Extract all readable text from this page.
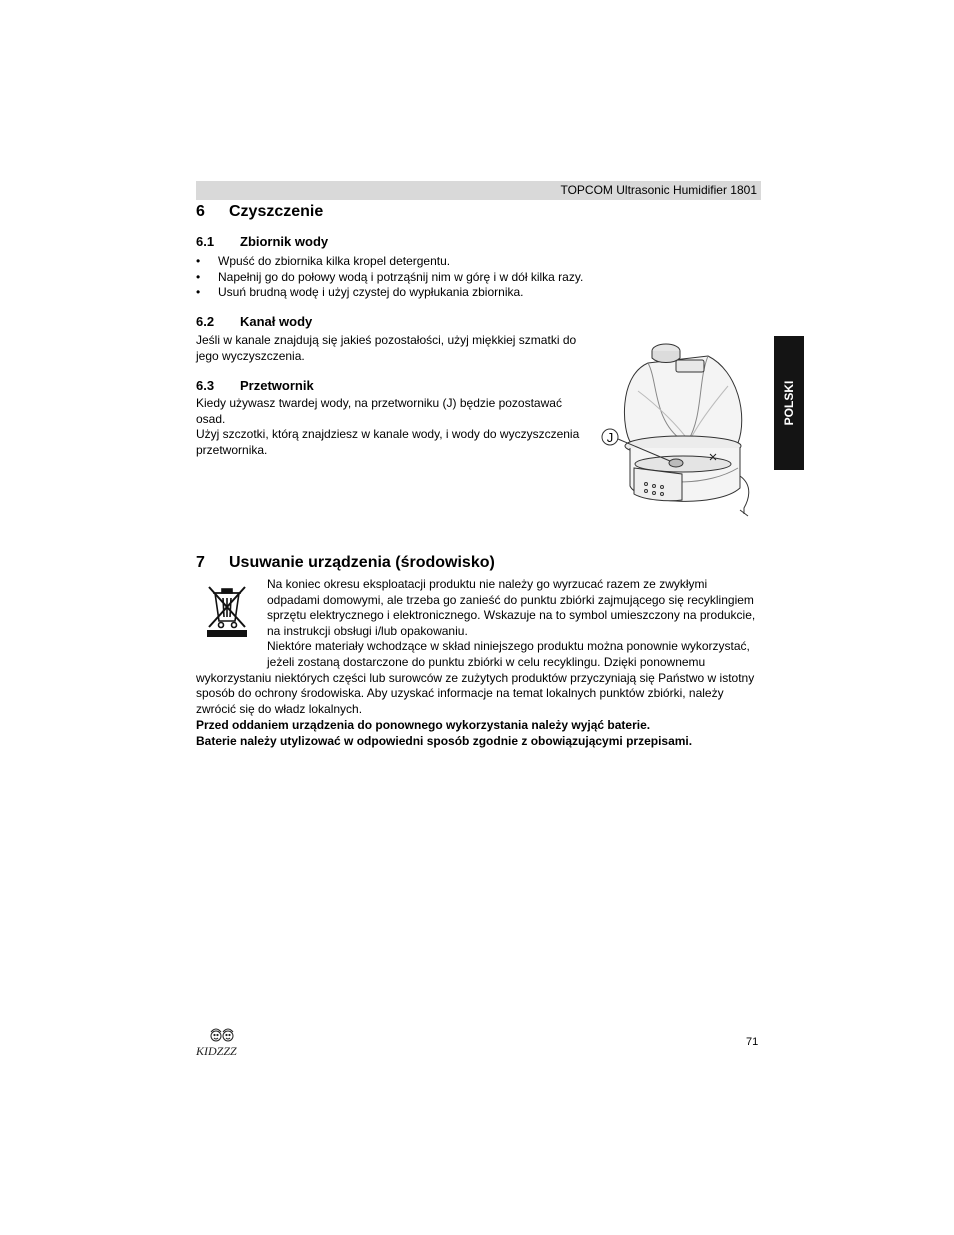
TOPCOM Ultrasonic Humidifier 1801
6 Czyszczenie
6.1 Zbiornik wody
• Wpuść do zbiornika kilka kropel detergentu.
• Napełnij go do połowy wodą i potrząśnij nim w górę i w dół kilka razy.
• Usuń brudną wodę i użyj czystej do wypłukania zbiornika.
6.2 Kanał wody
Jeśli w kanale znajdują się jakieś pozostałości, użyj miękkiej szmatki do jego wyczyszczenia.
6.3 Przetwornik
Kiedy używasz twardej wody, na przetworniku (J) będzie pozostawać osad.
Użyj szczotki, którą znajdziesz w kanale wody, i wody do wyczyszczenia przetwornika.
J
POLSKI
7 Usuwanie urządzenia (środowisko)

Na koniec okresu eksploatacji produktu nie należy go wyrzucać razem ze zwykłymi odpadami domowymi, ale trzeba go zanieść do punktu zbiórki zajmującego się recyklingiem sprzętu elektrycznego i elektronicznego. Wskazuje na to symbol umieszczony na produkcie, na instrukcji obsługi i/lub opakowaniu.

Niektóre materiały wchodzące w skład niniejszego produktu można ponownie wykorzystać, jeżeli zostaną dostarczone do punktu zbiórki w celu recyklingu. Dzięki ponownemu wykorzystaniu niektórych części lub surowców ze zużytych produktów przyczyniają się Państwo w istotny sposób do ochrony środowiska. Aby uzyskać informacje na temat lokalnych punktów zbiórki, należy zwrócić się do władz lokalnych.

Przed oddaniem urządzenia do ponownego wykorzystania należy wyjąć baterie.
Baterie należy utylizować w odpowiedni sposób zgodnie z obowiązującymi przepisami.
KIDZZZ
71
